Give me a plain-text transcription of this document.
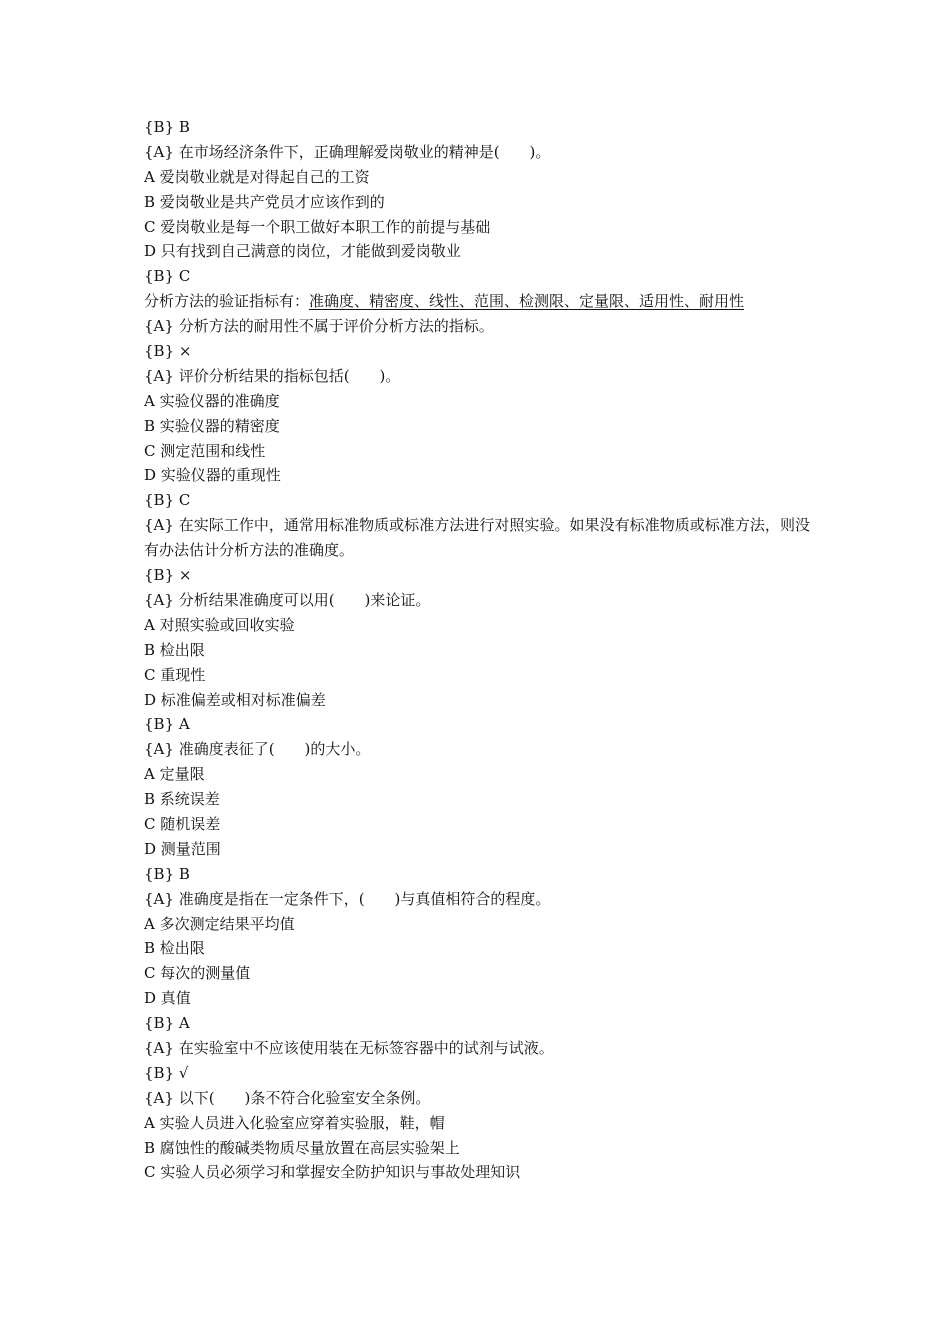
{B} B
{A} 在市场经济条件下，正确理解爱岗敬业的精神是(　　)。
A 爱岗敬业就是对得起自己的工资
B 爱岗敬业是共产党员才应该作到的
C 爱岗敬业是每一个职工做好本职工作的前提与基础
D 只有找到自己满意的岗位，才能做到爱岗敬业
{B} C
分析方法的验证指标有：准确度、精密度、线性、范围、检测限、定量限、适用性、耐用性
{A} 分析方法的耐用性不属于评价分析方法的指标。
{B} ×
{A} 评价分析结果的指标包括(　　)。
A 实验仪器的准确度
B 实验仪器的精密度
C 测定范围和线性
D 实验仪器的重现性
{B} C
{A} 在实际工作中，通常用标准物质或标准方法进行对照实验。如果没有标准物质或标准方法，则没有办法估计分析方法的准确度。
{B} ×
{A} 分析结果准确度可以用(　　)来论证。
A 对照实验或回收实验
B 检出限
C 重现性
D 标准偏差或相对标准偏差
{B} A
{A} 准确度表征了(　　)的大小。
A 定量限
B 系统误差
C 随机误差
D 测量范围
{B} B
{A} 准确度是指在一定条件下，(　　)与真值相符合的程度。
A 多次测定结果平均值
B 检出限
C 每次的测量值
D 真值
{B} A
{A} 在实验室中不应该使用装在无标签容器中的试剂与试液。
{B} √
{A} 以下(　　)条不符合化验室安全条例。
A 实验人员进入化验室应穿着实验服，鞋，帽
B 腐蚀性的酸碱类物质尽量放置在高层实验架上
C 实验人员必须学习和掌握安全防护知识与事故处理知识
